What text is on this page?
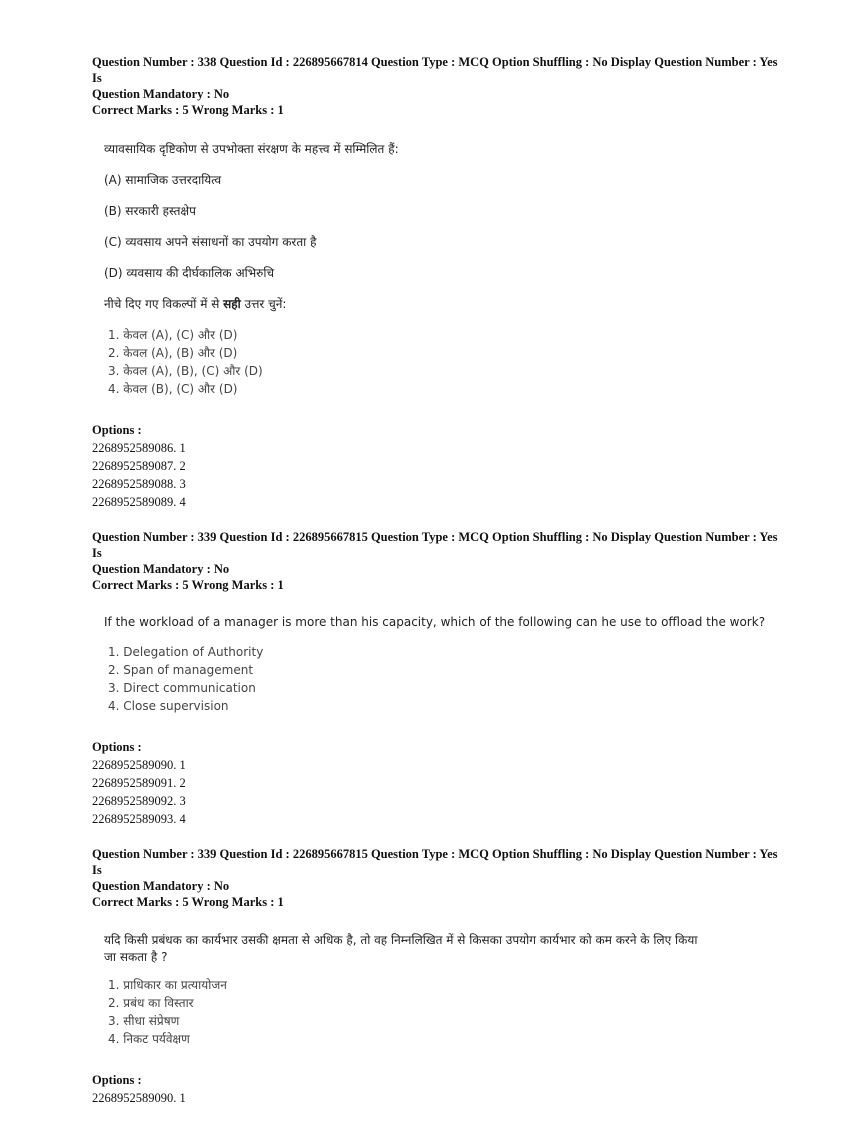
Question Number : 338 Question Id : 226895667814 Question Type : MCQ Option Shuffling : No Display Question Number : Yes Is
Question Mandatory : No
Correct Marks : 5 Wrong Marks : 1
व्यावसायिक दृष्टिकोण से उपभोक्ता संरक्षण के महत्त्व में सम्मिलित हैं:
(A) सामाजिक उत्तरदायित्व
(B) सरकारी हस्तक्षेप
(C) व्यवसाय अपने संसाधनों का उपयोग करता है
(D) व्यवसाय की दीर्घकालिक अभिरुचि
नीचे दिए गए विकल्पों में से सही उत्तर चुनें:
1. केवल (A), (C) और (D)
2. केवल (A), (B) और (D)
3. केवल (A), (B), (C) और (D)
4. केवल (B), (C) और (D)
Options :
2268952589086. 1
2268952589087. 2
2268952589088. 3
2268952589089. 4
Question Number : 339 Question Id : 226895667815 Question Type : MCQ Option Shuffling : No Display Question Number : Yes Is
Question Mandatory : No
Correct Marks : 5 Wrong Marks : 1
If the workload of a manager is more than his capacity, which of the following can he use to offload the work?
1. Delegation of Authority
2. Span of management
3. Direct communication
4. Close supervision
Options :
2268952589090. 1
2268952589091. 2
2268952589092. 3
2268952589093. 4
Question Number : 339 Question Id : 226895667815 Question Type : MCQ Option Shuffling : No Display Question Number : Yes Is
Question Mandatory : No
Correct Marks : 5 Wrong Marks : 1
यदि किसी प्रबंधक का कार्यभार उसकी क्षमता से अधिक है, तो वह निम्नलिखित में से किसका उपयोग कार्यभार को कम करने के लिए किया
जा सकता है ?
1. प्राधिकार का प्रत्यायोजन
2. प्रबंध का विस्तार
3. सीधा संप्रेषण
4. निकट पर्यवेक्षण
Options :
2268952589090. 1
